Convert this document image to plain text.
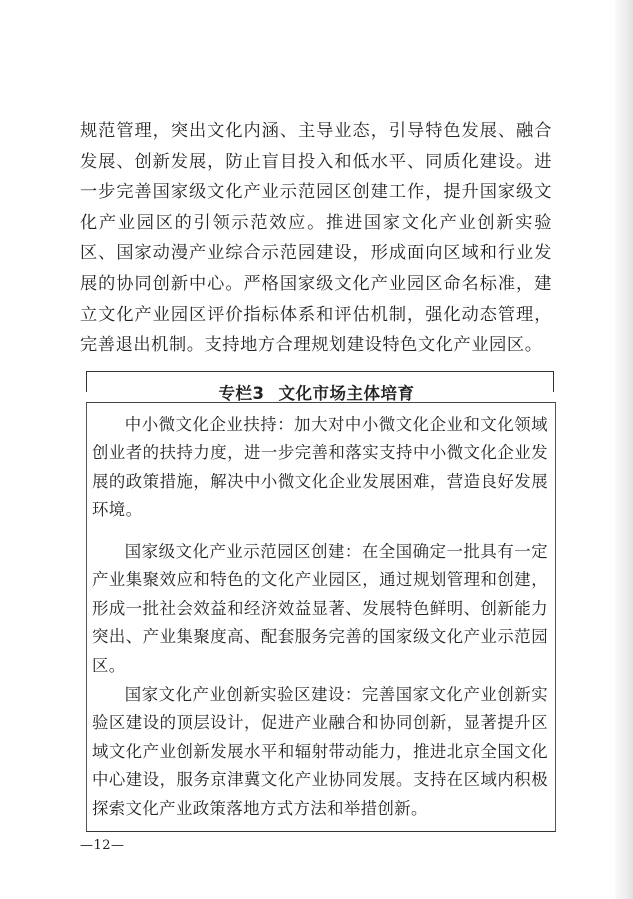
规范管理，突出文化内涵、主导业态，引导特色发展、融合发展、创新发展，防止盲目投入和低水平、同质化建设。进一步完善国家级文化产业示范园区创建工作，提升国家级文化产业园区的引领示范效应。推进国家文化产业创新实验区、国家动漫产业综合示范园建设，形成面向区域和行业发展的协同创新中心。严格国家级文化产业园区命名标准，建立文化产业园区评价指标体系和评估机制，强化动态管理，完善退出机制。支持地方合理规划建设特色文化产业园区。

专栏3 文化市场主体培育

中小微文化企业扶持：加大对中小微文化企业和文化领域创业者的扶持力度，进一步完善和落实支持中小微文化企业发展的政策措施，解决中小微文化企业发展困难，营造良好发展环境。

国家级文化产业示范园区创建：在全国确定一批具有一定产业集聚效应和特色的文化产业园区，通过规划管理和创建，形成一批社会效益和经济效益显著、发展特色鲜明、创新能力突出、产业集聚度高、配套服务完善的国家级文化产业示范园区。

国家文化产业创新实验区建设：完善国家文化产业创新实验区建设的顶层设计，促进产业融合和协同创新，显著提升区域文化产业创新发展水平和辐射带动能力，推进北京全国文化中心建设，服务京津冀文化产业协同发展。支持在区域内积极探索文化产业政策落地方式方法和举措创新。

—12—
